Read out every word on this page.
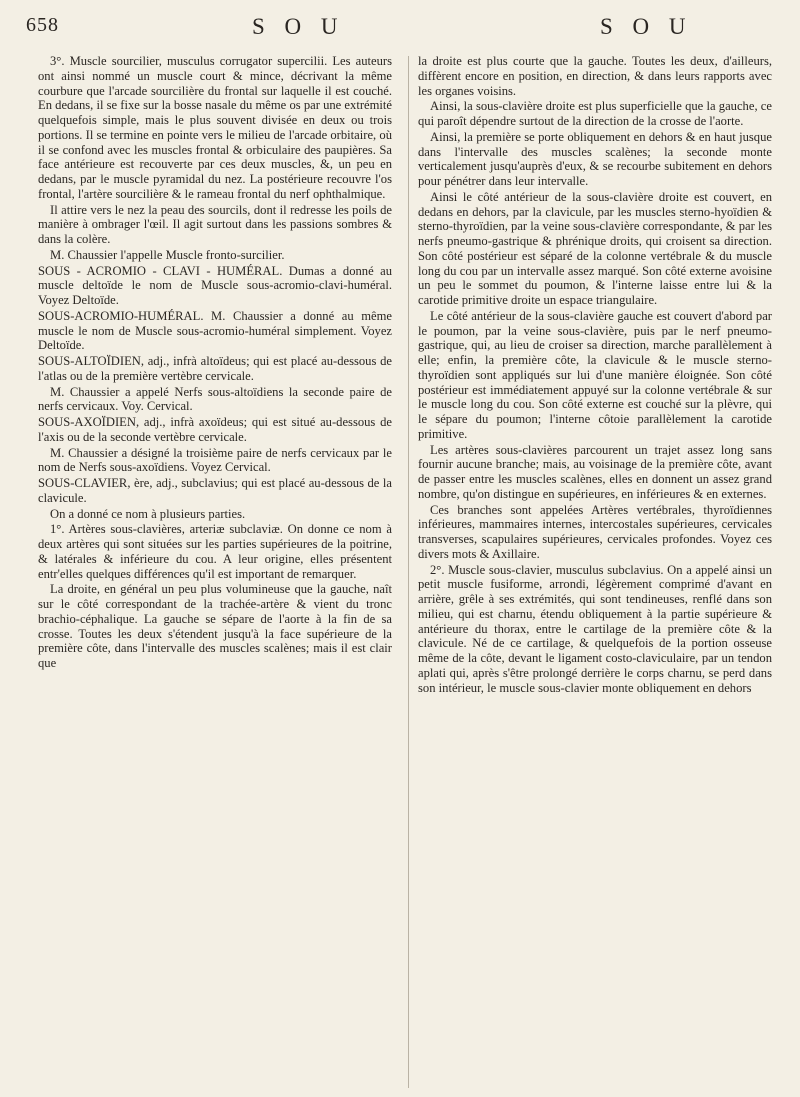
658	S O U	S O U

3°. Muscle sourcilier, musculus corrugator supercilii. Les auteurs ont ainsi nommé un muscle court & mince, décrivant la même courbure que l'arcade sourcilière du frontal sur laquelle il est couché. En dedans, il se fixe sur la bosse nasale du même os par une extrémité quelquefois simple, mais le plus souvent divisée en deux ou trois portions. Il se termine en pointe vers le milieu de l'arcade orbitaire, où il se confond avec les muscles frontal & orbiculaire des paupières. Sa face antérieure est recouverte par ces deux muscles, &, un peu en dedans, par le muscle pyramidal du nez. La postérieure recouvre l'os frontal, l'artère sourcilière & le rameau frontal du nerf ophthalmique.

Il attire vers le nez la peau des sourcils, dont il redresse les poils de manière à ombrager l'œil. Il agit surtout dans les passions sombres & dans la colère.

M. Chaussier l'appelle Muscle fronto-surcilier.

SOUS - ACROMIO - CLAVI - HUMÉRAL. Dumas a donné au muscle deltoïde le nom de Muscle sous-acromio-clavi-huméral. Voyez Deltoïde.

SOUS-ACROMIO-HUMÉRAL. M. Chaussier a donné au même muscle le nom de Muscle sous-acromio-huméral simplement. Voyez Deltoïde.

SOUS-ALTOÏDIEN, adj., infrà altoïdeus; qui est placé au-dessous de l'atlas ou de la première vertèbre cervicale.

M. Chaussier a appelé Nerfs sous-altoïdiens la seconde paire de nerfs cervicaux. Voy. Cervical.

SOUS-AXOÏDIEN, adj., infrà axoïdeus; qui est situé au-dessous de l'axis ou de la seconde vertèbre cervicale.

M. Chaussier a désigné la troisième paire de nerfs cervicaux par le nom de Nerfs sous-axoïdiens. Voyez Cervical.

SOUS-CLAVIER, ère, adj., subclavius; qui est placé au-dessous de la clavicule.

On a donné ce nom à plusieurs parties.

1°. Artères sous-clavières, arteriæ subclaviæ. On donne ce nom à deux artères qui sont situées sur les parties supérieures de la poitrine, & latérales & inférieure du cou. A leur origine, elles présentent entr'elles quelques différences qu'il est important de remarquer.

La droite, en général un peu plus volumineuse que la gauche, naît sur le côté correspondant de la trachée-artère & vient du tronc brachio-céphalique. La gauche se sépare de l'aorte à la fin de sa crosse. Toutes les deux s'étendent jusqu'à la face supérieure de la première côte, dans l'intervalle des muscles scalènes; mais il est clair que

la droite est plus courte que la gauche. Toutes les deux, d'ailleurs, diffèrent encore en position, en direction, & dans leurs rapports avec les organes voisins.

Ainsi, la sous-clavière droite est plus superficielle que la gauche, ce qui paroît dépendre surtout de la direction de la crosse de l'aorte.

Ainsi, la première se porte obliquement en dehors & en haut jusque dans l'intervalle des muscles scalènes; la seconde monte verticalement jusqu'auprès d'eux, & se recourbe subitement en dehors pour pénétrer dans leur intervalle.

Ainsi le côté antérieur de la sous-clavière droite est couvert, en dedans en dehors, par la clavicule, par les muscles sterno-hyoïdien & sterno-thyroïdien, par la veine sous-clavière correspondante, & par les nerfs pneumo-gastrique & phrénique droits, qui croisent sa direction. Son côté postérieur est séparé de la colonne vertébrale & du muscle long du cou par un intervalle assez marqué. Son côté externe avoisine un peu le sommet du poumon, & l'interne laisse entre lui & la carotide primitive droite un espace triangulaire.

Le côté antérieur de la sous-clavière gauche est couvert d'abord par le poumon, par la veine sous-clavière, puis par le nerf pneumo-gastrique, qui, au lieu de croiser sa direction, marche parallèlement à elle; enfin, la première côte, la clavicule & le muscle sterno-thyroïdien sont appliqués sur lui d'une manière éloignée. Son côté postérieur est immédiatement appuyé sur la colonne vertébrale & sur le muscle long du cou. Son côté externe est couché sur la plèvre, qui le sépare du poumon; l'interne côtoie parallèlement la carotide primitive.

Les artères sous-clavières parcourent un trajet assez long sans fournir aucune branche; mais, au voisinage de la première côte, avant de passer entre les muscles scalènes, elles en donnent un assez grand nombre, qu'on distingue en supérieures, en inférieures & en externes.

Ces branches sont appelées Artères vertébrales, thyroïdiennes inférieures, mammaires internes, intercostales supérieures, cervicales transverses, scapulaires supérieures, cervicales profondes. Voyez ces divers mots & Axillaire.

2°. Muscle sous-clavier, musculus subclavius. On a appelé ainsi un petit muscle fusiforme, arrondi, légèrement comprimé d'avant en arrière, grêle à ses extrémités, qui sont tendineuses, renflé dans son milieu, qui est charnu, étendu obliquement à la partie supérieure & antérieure du thorax, entre le cartilage de la première côte & la clavicule. Né de ce cartilage, & quelquefois de la portion osseuse même de la côte, devant le ligament costo-claviculaire, par un tendon aplati qui, après s'être prolongé derrière le corps charnu, se perd dans son intérieur, le muscle sous-clavier monte obliquement en dehors
